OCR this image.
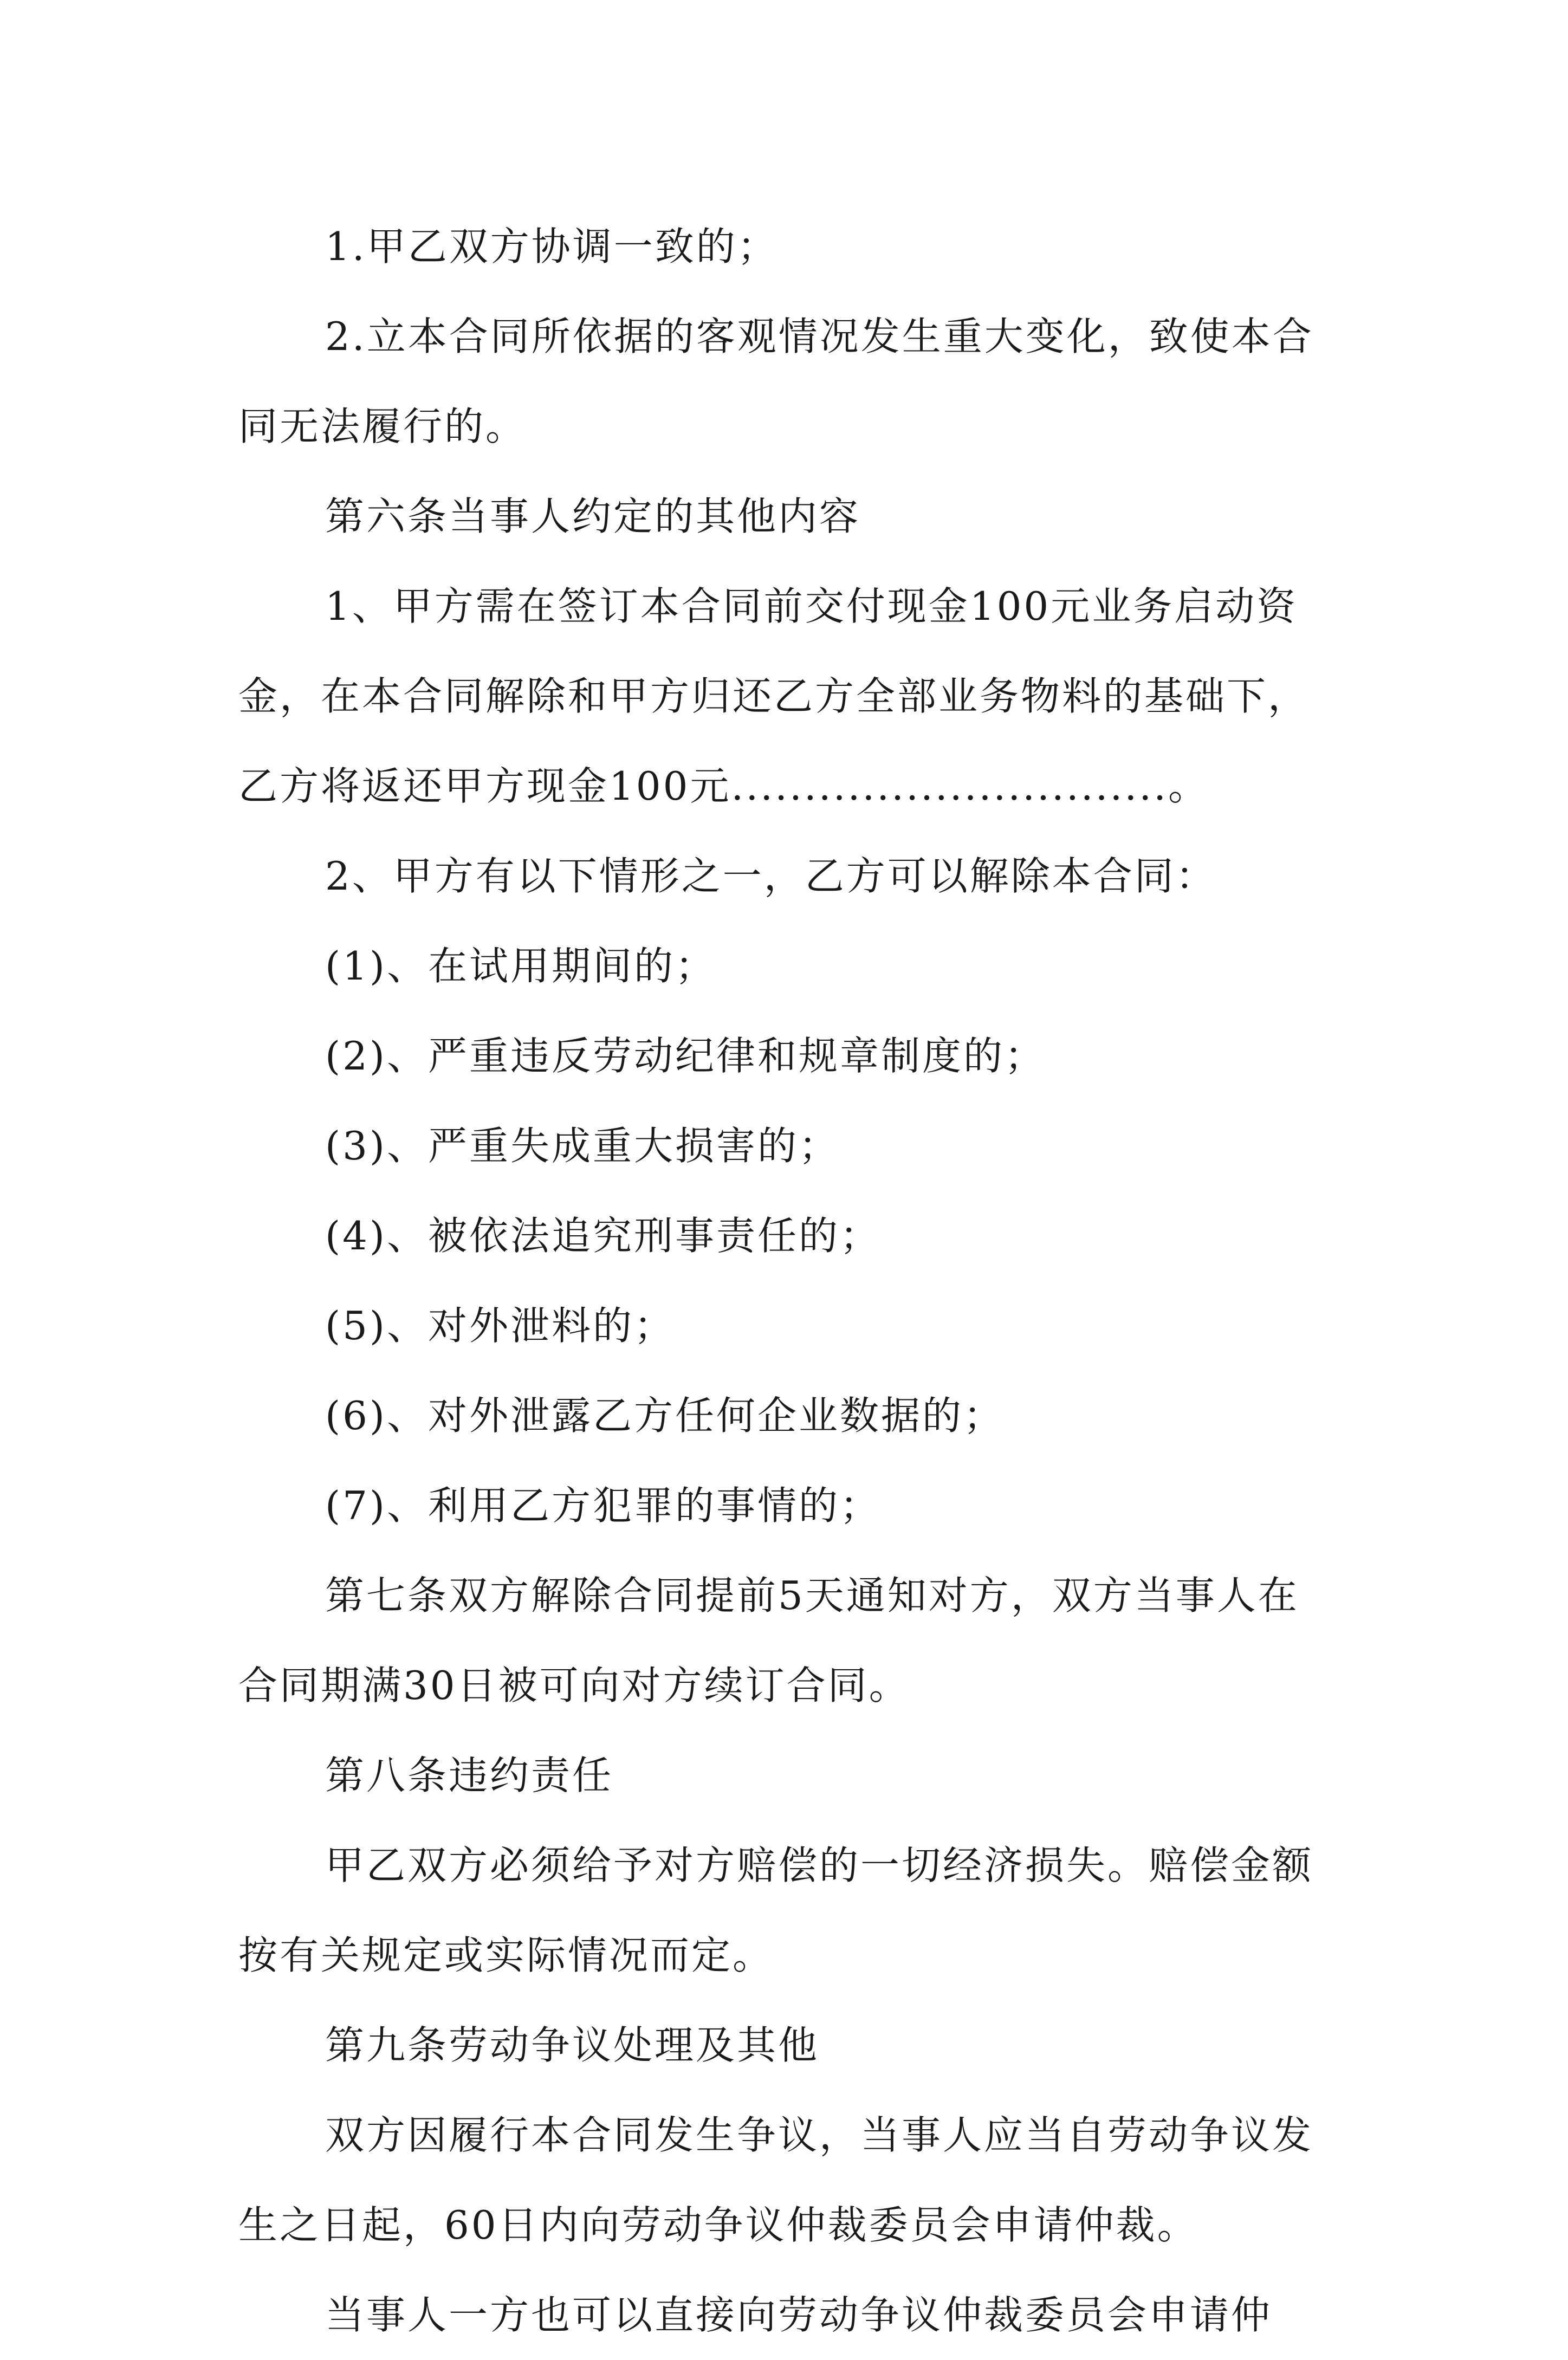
1.甲乙双方协调一致的；
2.立本合同所依据的客观情况发生重大变化，致使本合
同无法履行的。
第六条当事人约定的其他内容
1、甲方需在签订本合同前交付现金100元业务启动资
金，在本合同解除和甲方归还乙方全部业务物料的基础下，
乙方将返还甲方现金100元..............................。
2、甲方有以下情形之一，乙方可以解除本合同：
(1)、在试用期间的；
(2)、严重违反劳动纪律和规章制度的；
(3)、严重失成重大损害的；
(4)、被依法追究刑事责任的；
(5)、对外泄料的；
(6)、对外泄露乙方任何企业数据的；
(7)、利用乙方犯罪的事情的；
第七条双方解除合同提前5天通知对方，双方当事人在
合同期满30日被可向对方续订合同。
第八条违约责任
甲乙双方必须给予对方赔偿的一切经济损失。赔偿金额
按有关规定或实际情况而定。
第九条劳动争议处理及其他
双方因履行本合同发生争议，当事人应当自劳动争议发
生之日起，60日内向劳动争议仲裁委员会申请仲裁。
当事人一方也可以直接向劳动争议仲裁委员会申请仲
